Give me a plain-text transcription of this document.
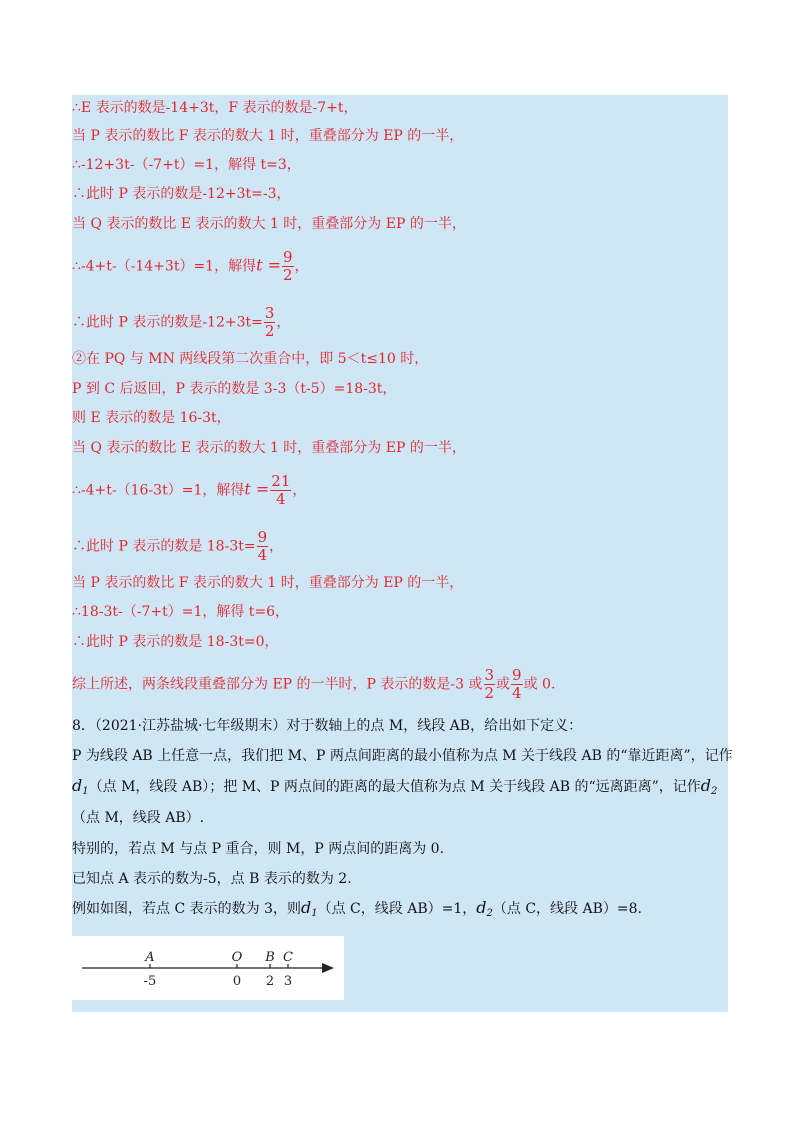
∴E 表示的数是-14+3t，F 表示的数是-7+t，
当 P 表示的数比 F 表示的数大 1 时，重叠部分为 EP 的一半，
∴-12+3t-（-7+t）=1，解得 t=3，
∴此时 P 表示的数是-12+3t=-3，
当 Q 表示的数比 E 表示的数大 1 时，重叠部分为 EP 的一半，
∴-4+t-（-14+3t）=1，解得$t = \frac{9}{2}$ ，
∴此时 P 表示的数是$-12+3t= \frac{3}{2}$ ，
②在 PQ 与 MN 两线段第二次重合中，即 5＜t≤10 时，
P 到 C 后返回，P 表示的数是 3-3（t-5）=18-3t，
则 E 表示的数是 16-3t，
当 Q 表示的数比 E 表示的数大 1 时，重叠部分为 EP 的一半，
∴-4+t-（16-3t）=1，解得$t = \frac{21}{4}$ ，
∴此时 P 表示的数是 $18-3t= \frac{9}{4}$ ，
当 P 表示的数比 F 表示的数大 1 时，重叠部分为 EP 的一半，
∴18-3t-（-7+t）=1，解得 t=6，
∴此时 P 表示的数是 18-3t=0，
综上所述，两条线段重叠部分为 EP 的一半时，P 表示的数是-3 或 $\frac{3}{2}$ 或 $\frac{9}{4}$ 或 0.
8．（2021·江苏盐城·七年级期末）对于数轴上的点 M，线段 AB，给出如下定义：
P 为线段 AB 上任意一点，我们把 M、P 两点间距离的最小值称为点 M 关于线段 AB 的“靠近距离”，记作
$d_1$（点 M，线段 AB）；把 M、P 两点间的距离的最大值称为点 M 关于线段 AB 的“远离距离”，记作$d_2$
（点 M，线段 AB）.
特别的，若点 M 与点 P 重合，则 M，P 两点间的距离为 0.
已知点 A 表示的数为-5，点 B 表示的数为 2.
例如如图，若点 C 表示的数为 3，则$d_1$（点 C，线段 AB）=1，$d_2$（点 C，线段 AB）=8.
A	O B C
-5	0 2 3
